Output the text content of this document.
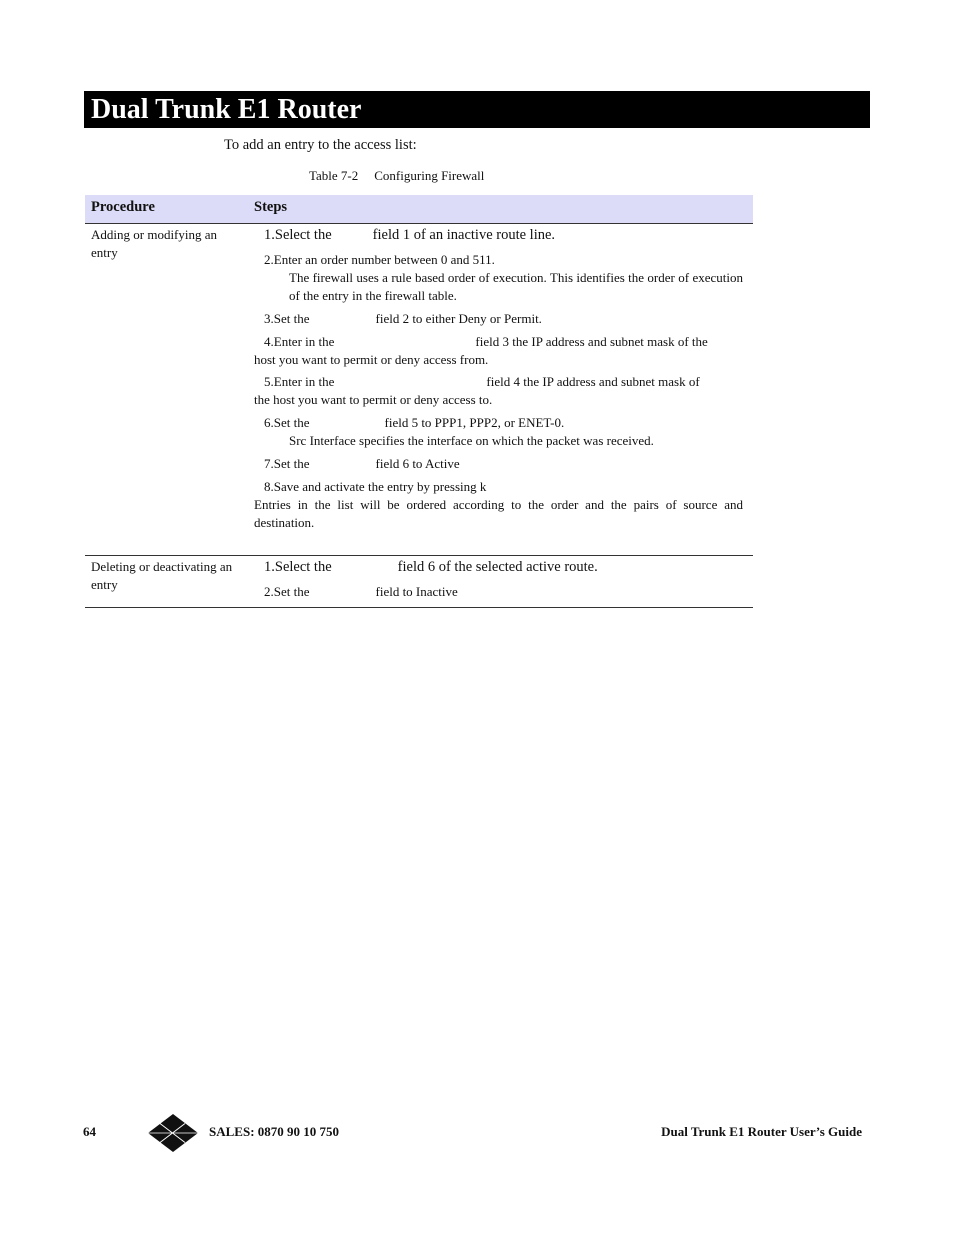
Dual Trunk E1 Router
To add an entry to the access list:
Table 7-2 Configuring Firewall
Procedure	Steps
Adding or modifying an entry
1.Select the	field 1 of an inactive route line.
2.Enter an order number between 0 and 511.
The firewall uses a rule based order of execution. This identifies the order of execution of the entry in the firewall table.
3.Set the	field 2 to either Deny or Permit.
4.Enter in the	field 3 the IP address and subnet mask of the
host you want to permit or deny access from.
5.Enter in the	field 4 the IP address and subnet mask of
the host you want to permit or deny access to.
6.Set the	field 5 to PPP1, PPP2, or ENET-0.
Src Interface specifies the interface on which the packet was received.
7.Set the	field 6 to Active
8.Save and activate the entry by pressing k
Entries in the list will be ordered according to the order and the pairs of source and destination.
Deleting or deactivating an entry
1.Select the	field 6 of the selected active route.
2.Set the	field to Inactive
64	SALES: 0870 90 10 750	Dual Trunk E1 Router User’s Guide
